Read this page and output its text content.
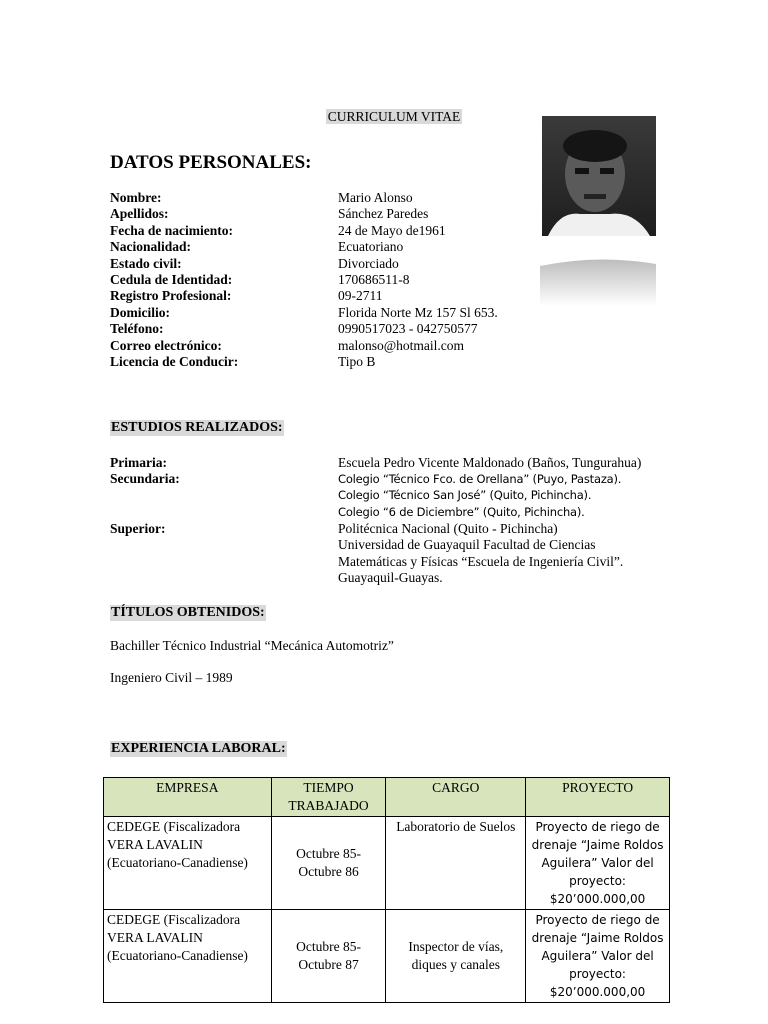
CURRICULUM VITAE
DATOS PERSONALES:
Nombre:	Mario Alonso
Apellidos:	Sánchez Paredes
Fecha de nacimiento:	24 de Mayo de1961
Nacionalidad:	Ecuatoriano
Estado civil:	Divorciado
Cedula de Identidad:	170686511-8
Registro Profesional:	09-2711
Domicilio:	Florida Norte Mz 157 Sl 653.
Teléfono:	0990517023 - 042750577
Correo electrónico:	malonso@hotmail.com
Licencia de Conducir:	Tipo B
ESTUDIOS REALIZADOS:
Primaria:	Escuela Pedro Vicente Maldonado (Baños, Tungurahua)
Secundaria:	Colegio “Técnico Fco. de Orellana” (Puyo, Pastaza).
Colegio “Técnico San José” (Quito, Pichincha).
Colegio “6 de Diciembre” (Quito, Pichincha).
Superior:	Politécnica Nacional (Quito - Pichincha)
Universidad de Guayaquil Facultad de Ciencias
Matemáticas y Físicas “Escuela de Ingeniería Civil”.
Guayaquil-Guayas.
TÍTULOS OBTENIDOS:
Bachiller Técnico Industrial “Mecánica Automotriz”
Ingeniero Civil – 1989
EXPERIENCIA LABORAL:
EMPRESA	TIEMPO TRABAJADO	CARGO	PROYECTO
CEDEGE (Fiscalizadora VERA LAVALIN (Ecuatoriano-Canadiense)	Octubre 85-Octubre 86	Laboratorio de Suelos	Proyecto de riego de drenaje “Jaime Roldos Aguilera” Valor del proyecto: $20’000.000,00
CEDEGE (Fiscalizadora VERA LAVALIN (Ecuatoriano-Canadiense)	Octubre 85-Octubre 87	Inspector de vías, diques y canales	Proyecto de riego de drenaje “Jaime Roldos Aguilera” Valor del proyecto: $20’000.000,00
